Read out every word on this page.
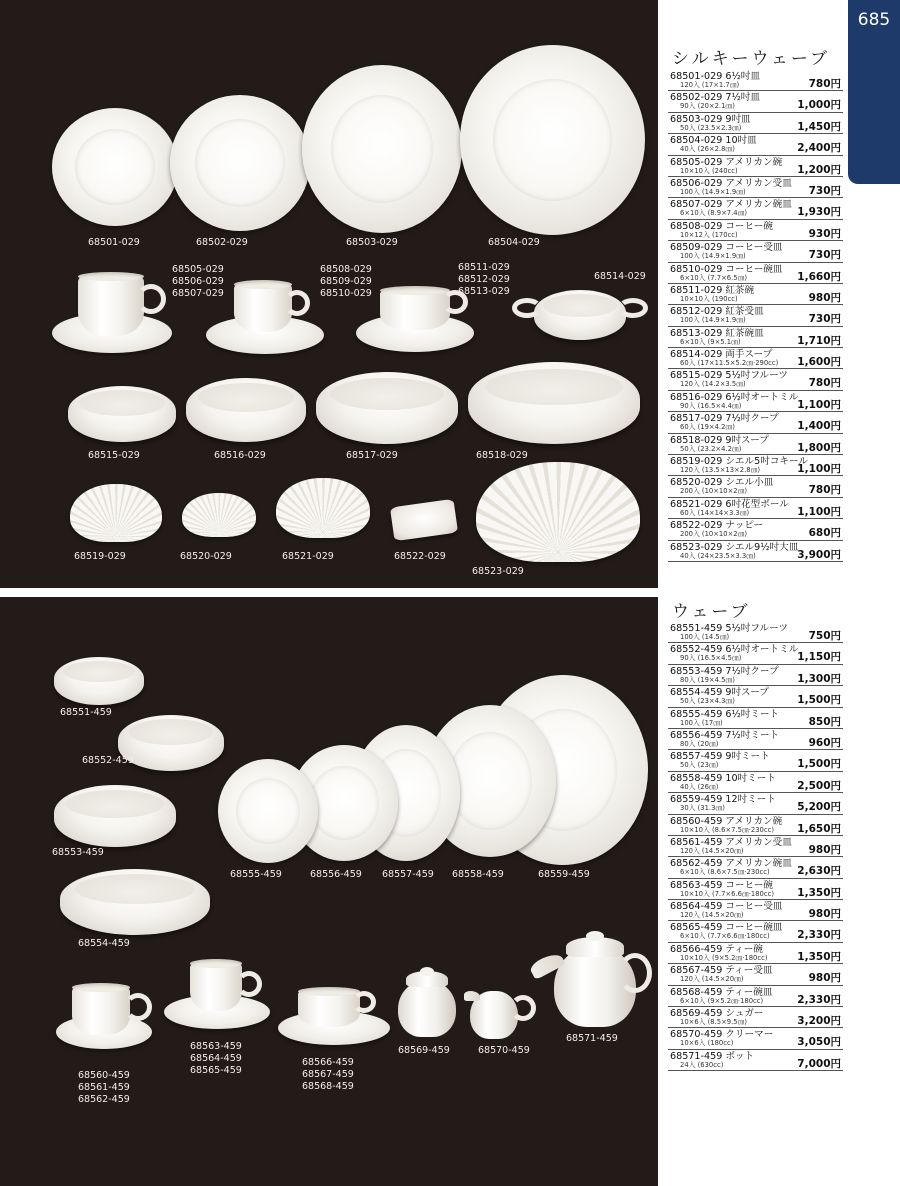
68501-029	68502-029	68503-029	68504-029
68505-029
68506-029
68507-029
68508-029
68509-029
68510-029
68511-029
68512-029
68513-029
68514-029
68515-029	68516-029	68517-029	68518-029
68519-029	68520-029	68521-029	68522-029
68523-029
68551-459
68552-459
68553-459
68554-459
68555-459	68556-459 68557-459 68558-459	68559-459
68560-459
68561-459
68562-459
68563-459
68564-459
68565-459
68566-459
68567-459
68568-459
68569-459	68570-459
68571-459
685
Western Tableware
(open stock)
シルキーウェーブ
68501-029 6½吋皿
120入 (17×1.7㎝)	780円
68502-029 7½吋皿
90入 (20×2.1㎝)	1,000円
68503-029 9吋皿
50入 (23.5×2.3㎝)	1,450円
68504-029 10吋皿
40入 (26×2.8㎝)	2,400円
68505-029 アメリカン碗
10×10入 (240cc)	1,200円
68506-029 アメリカン受皿
100入 (14.9×1.9㎝)	730円
68507-029 アメリカン碗皿
6×10入 (8.9×7.4㎝)	1,930円
68508-029 コーヒー碗
10×12入 (170cc)	930円
68509-029 コーヒー受皿
100入 (14.9×1.9㎝)	730円
68510-029 コーヒー碗皿
6×10入 (7.7×6.5㎝)	1,660円
68511-029 紅茶碗
10×10入 (190cc)	980円
68512-029 紅茶受皿
100入 (14.9×1.9㎝)	730円
68513-029 紅茶碗皿
6×10入 (9×5.1㎝)	1,710円
68514-029 両手スープ
60入 (17×11.5×5.2㎝·290cc) 1,600円
68515-029 5½吋フルーツ
120入 (14.2×3.5㎝)	780円
68516-029 6½吋オートミル
90入 (16.5×4.4㎝)	1,100円
68517-029 7½吋クープ
60入 (19×4.2㎝)	1,400円
68518-029 9吋スープ
50入 (23.2×4.2㎝)	1,800円
68519-029 シエル5吋コキール
120入 (13.5×13×2.8㎝)	1,100円
68520-029 シエル小皿
200入 (10×10×2㎝)	780円
68521-029 6吋花型ボール
60入 (14×14×3.3㎝)	1,100円
68522-029 ナッピー
200入 (10×10×2㎝)	680円
68523-029 シエル9½吋大皿
40入 (24×23.5×3.3㎝)	3,900円
ウェーブ
68551-459 5½吋フルーツ
100入 (14.5㎝)	750円
68552-459 6½吋オートミル
90入 (16.5×4.5㎝)	1,150円
68553-459 7½吋クープ
80入 (19×4.5㎝)	1,300円
68554-459 9吋スープ
50入 (23×4.3㎝)	1,500円
68555-459 6½吋ミート
100入 (17㎝)	850円
68556-459 7½吋ミート
80入 (20㎝)	960円
68557-459 9吋ミート
50入 (23㎝)	1,500円
68558-459 10吋ミート
40入 (26㎝)	2,500円
68559-459 12吋ミート
30入 (31.3㎝)	5,200円
68560-459 アメリカン碗
10×10入 (8.6×7.5㎝·230cc) 1,650円
68561-459 アメリカン受皿
120入 (14.5×20㎝)	980円
68562-459 アメリカン碗皿
6×10入 (8.6×7.5㎝·230cc)	2,630円
68563-459 コーヒー碗
10×10入 (7.7×6.6㎝·180cc) 1,350円
68564-459 コーヒー受皿
120入 (14.5×20㎝)	980円
68565-459 コーヒー碗皿
6×10入 (7.7×6.6㎝·180cc)	2,330円
68566-459 ティー碗
10×10入 (9×5.2㎝·180cc)	1,350円
68567-459 ティー受皿
120入 (14.5×20㎝)	980円
68568-459 ティー碗皿
6×10入 (9×5.2㎝·180cc)	2,330円
68569-459 シュガー
10×6入 (8.5×9.5㎝)	3,200円
68570-459 クリーマー
10×6入 (180cc)	3,050円
68571-459 ポット
24入 (630cc)	7,000円
